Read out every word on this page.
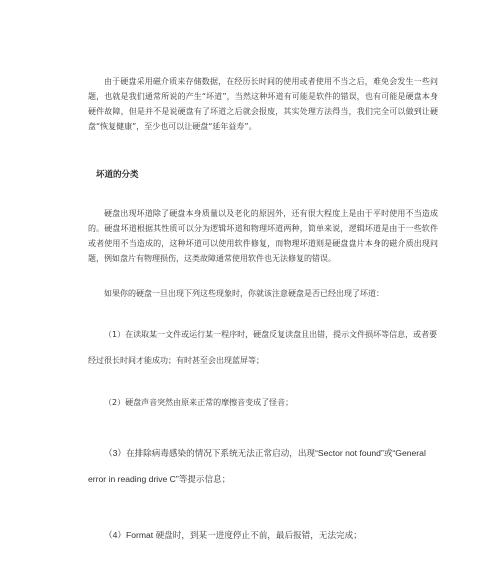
由于硬盘采用磁介质来存储数据，在经历长时间的使用或者使用不当之后，难免会发生一些问题，也就是我们通常所说的产生“坏道”，当然这种坏道有可能是软件的错误，也有可能是硬盘本身硬件故障，但是并不是说硬盘有了坏道之后就会报废，其实处理方法得当，我们完全可以做到让硬盘“恢复健康”，至少也可以让硬盘“延年益寿”。

坏道的分类

硬盘出现坏道除了硬盘本身质量以及老化的原因外，还有很大程度上是由于平时使用不当造成的。硬盘坏道根据其性质可以分为逻辑坏道和物理坏道两种，简单来说，逻辑坏道是由于一些软件或者使用不当造成的，这种坏道可以使用软件修复，而物理坏道则是硬盘盘片本身的磁介质出现问题，例如盘片有物理损伤，这类故障通常使用软件也无法修复的错误。

如果你的硬盘一旦出现下列这些现象时，你就该注意硬盘是否已经出现了坏道：

（1）在读取某一文件或运行某一程序时，硬盘反复读盘且出错，提示文件损坏等信息，或者要经过很长时间才能成功；有时甚至会出现蓝屏等；

（2）硬盘声音突然由原来正常的摩擦音变成了怪音；

（3）在排除病毒感染的情况下系统无法正常启动，出现“Sector not found”或“General error in reading drive C”等提示信息；

（4）Format 硬盘时，到某一进度停止不前，最后报错，无法完成；
